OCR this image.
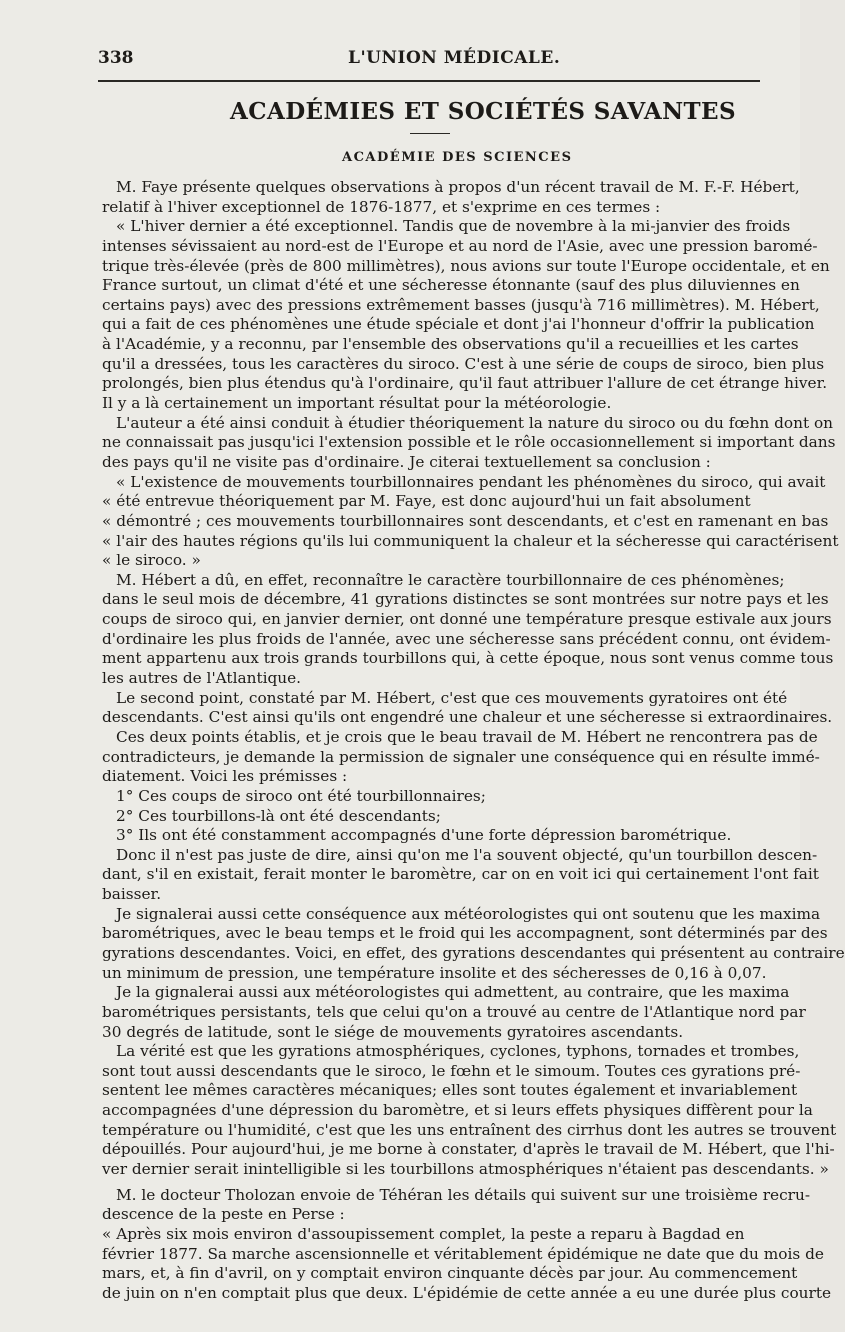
338	L'UNION MÉDICALE.
ACADÉMIES ET SOCIÉTÉS SAVANTES
ACADÉMIE DES SCIENCES
M. Faye présente quelques observations à propos d'un récent travail de M. F.-F. Hébert,
relatif à l'hiver exceptionnel de 1876-1877, et s'exprime en ces termes :
« L'hiver dernier a été exceptionnel. Tandis que de novembre à la mi-janvier des froids
intenses sévissaient au nord-est de l'Europe et au nord de l'Asie, avec une pression baromé-
trique très-élevée (près de 800 millimètres), nous avions sur toute l'Europe occidentale, et en
France surtout, un climat d'été et une sécheresse étonnante (sauf des plus diluviennes en
certains pays) avec des pressions extrêmement basses (jusqu'à 716 millimètres). M. Hébert,
qui a fait de ces phénomènes une étude spéciale et dont j'ai l'honneur d'offrir la publication
à l'Académie, y a reconnu, par l'ensemble des observations qu'il a recueillies et les cartes
qu'il a dressées, tous les caractères du siroco. C'est à une série de coups de siroco, bien plus
prolongés, bien plus étendus qu'à l'ordinaire, qu'il faut attribuer l'allure de cet étrange hiver.
Il y a là certainement un important résultat pour la météorologie.
L'auteur a été ainsi conduit à étudier théoriquement la nature du siroco ou du fœhn dont on
ne connaissait pas jusqu'ici l'extension possible et le rôle occasionnellement si important dans
des pays qu'il ne visite pas d'ordinaire. Je citerai textuellement sa conclusion :
« L'existence de mouvements tourbillonnaires pendant les phénomènes du siroco, qui avait
« été entrevue théoriquement par M. Faye, est donc aujourd'hui un fait absolument
« démontré ; ces mouvements tourbillonnaires sont descendants, et c'est en ramenant en bas
« l'air des hautes régions qu'ils lui communiquent la chaleur et la sécheresse qui caractérisent
« le siroco. »
M. Hébert a dû, en effet, reconnaître le caractère tourbillonnaire de ces phénomènes;
dans le seul mois de décembre, 41 gyrations distinctes se sont montrées sur notre pays et les
coups de siroco qui, en janvier dernier, ont donné une température presque estivale aux jours
d'ordinaire les plus froids de l'année, avec une sécheresse sans précédent connu, ont évidem-
ment appartenu aux trois grands tourbillons qui, à cette époque, nous sont venus comme tous
les autres de l'Atlantique.
Le second point, constaté par M. Hébert, c'est que ces mouvements gyratoires ont été
descendants. C'est ainsi qu'ils ont engendré une chaleur et une sécheresse si extraordinaires.
Ces deux points établis, et je crois que le beau travail de M. Hébert ne rencontrera pas de
contradicteurs, je demande la permission de signaler une conséquence qui en résulte immé-
diatement. Voici les prémisses :
1° Ces coups de siroco ont été tourbillonnaires;
2° Ces tourbillons-là ont été descendants;
3° Ils ont été constamment accompagnés d'une forte dépression barométrique.
Donc il n'est pas juste de dire, ainsi qu'on me l'a souvent objecté, qu'un tourbillon descen-
dant, s'il en existait, ferait monter le baromètre, car on en voit ici qui certainement l'ont fait
baisser.
Je signalerai aussi cette conséquence aux météorologistes qui ont soutenu que les maxima
barométriques, avec le beau temps et le froid qui les accompagnent, sont déterminés par des
gyrations descendantes. Voici, en effet, des gyrations descendantes qui présentent au contraire
un minimum de pression, une température insolite et des sécheresses de 0,16 à 0,07.
Je la gignalerai aussi aux météorologistes qui admettent, au contraire, que les maxima
barométriques persistants, tels que celui qu'on a trouvé au centre de l'Atlantique nord par
30 degrés de latitude, sont le siége de mouvements gyratoires ascendants.
La vérité est que les gyrations atmosphériques, cyclones, typhons, tornades et trombes,
sont tout aussi descendants que le siroco, le fœhn et le simoum. Toutes ces gyrations pré-
sentent lee mêmes caractères mécaniques; elles sont toutes également et invariablement
accompagnées d'une dépression du baromètre, et si leurs effets physiques diffèrent pour la
température ou l'humidité, c'est que les uns entraînent des cirrhus dont les autres se trouvent
dépouillés. Pour aujourd'hui, je me borne à constater, d'après le travail de M. Hébert, que l'hi-
ver dernier serait inintelligible si les tourbillons atmosphériques n'étaient pas descendants. »
M. le docteur Tholozan envoie de Téhéran les détails qui suivent sur une troisième recru-
descence de la peste en Perse :
« Après six mois environ d'assoupissement complet, la peste a reparu à Bagdad en
février 1877. Sa marche ascensionnelle et véritablement épidémique ne date que du mois de
mars, et, à fin d'avril, on y comptait environ cinquante décès par jour. Au commencement
de juin on n'en comptait plus que deux. L'épidémie de cette année a eu une durée plus courte
